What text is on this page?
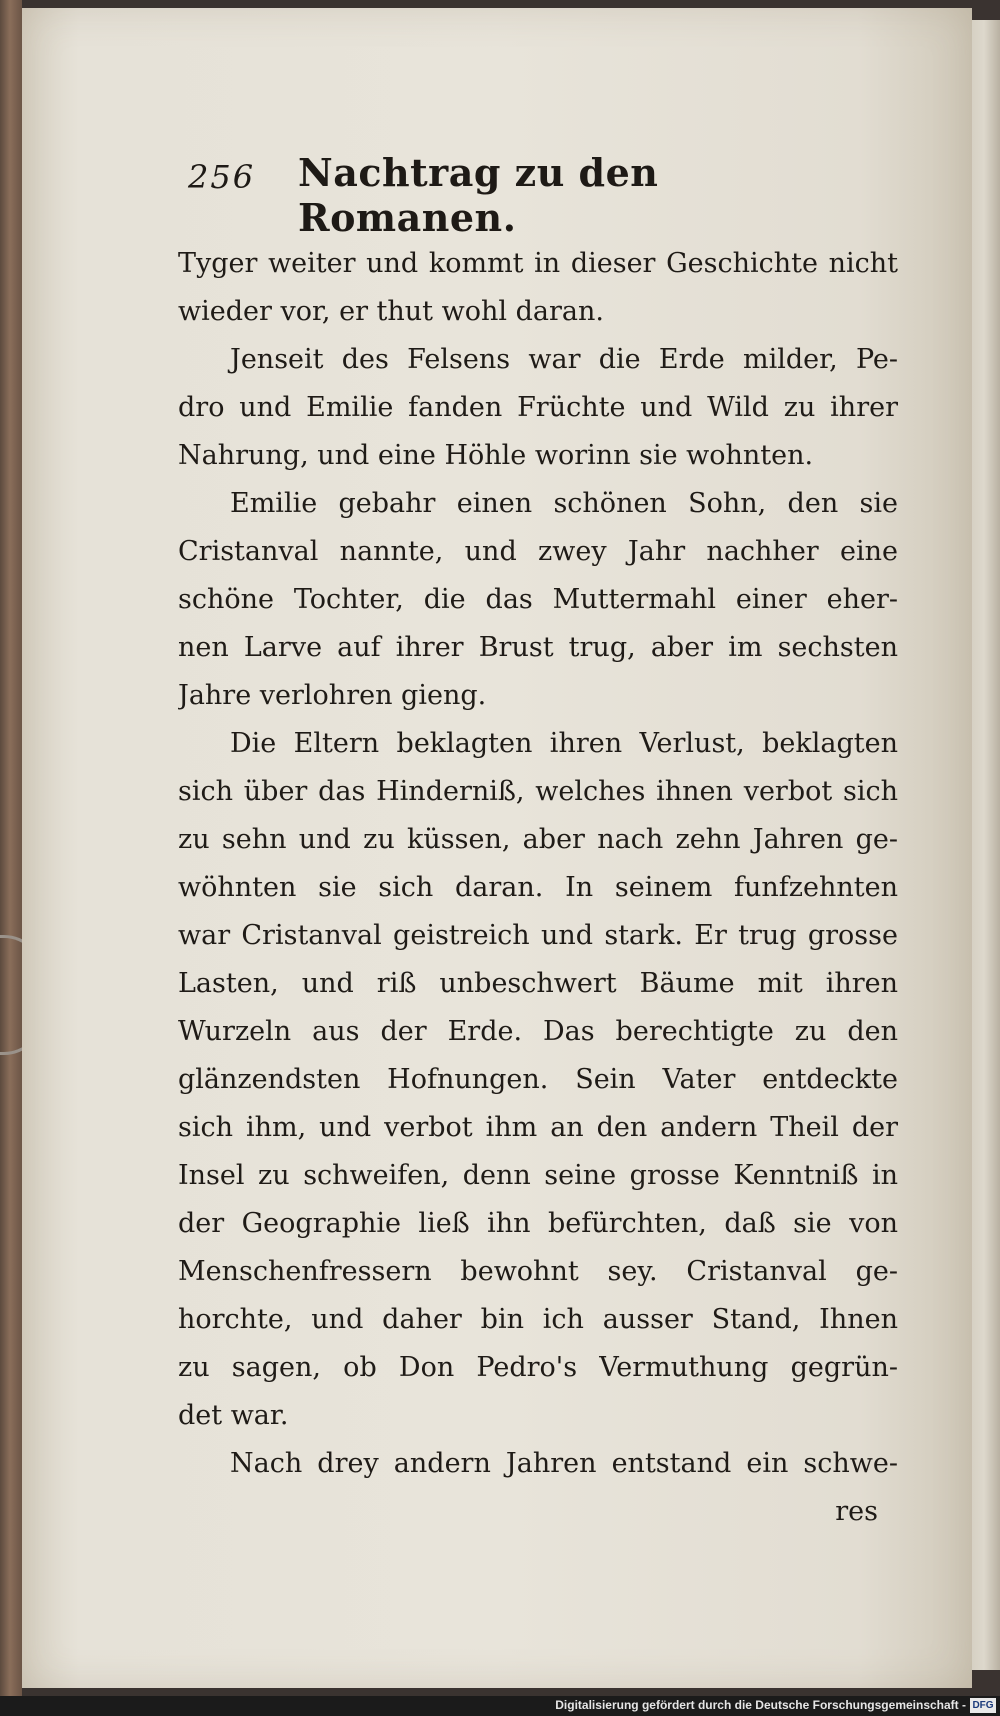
256 Nachtrag zu den Romanen.
Tyger weiter und kommt in dieser Geschichte nicht
wieder vor, er thut wohl daran.
Jenseit des Felsens war die Erde milder, Pe-
dro und Emilie fanden Früchte und Wild zu ihrer
Nahrung, und eine Höhle worinn sie wohnten.
Emilie gebahr einen schönen Sohn, den sie
Cristanval nannte, und zwey Jahr nachher eine
schöne Tochter, die das Muttermahl einer eher-
nen Larve auf ihrer Brust trug, aber im sechsten
Jahre verlohren gieng.
Die Eltern beklagten ihren Verlust, beklagten
sich über das Hinderniß, welches ihnen verbot sich
zu sehn und zu küssen, aber nach zehn Jahren ge-
wöhnten sie sich daran. In seinem funfzehnten
war Cristanval geistreich und stark. Er trug grosse
Lasten, und riß unbeschwert Bäume mit ihren
Wurzeln aus der Erde. Das berechtigte zu den
glänzendsten Hofnungen. Sein Vater entdeckte
sich ihm, und verbot ihm an den andern Theil der
Insel zu schweifen, denn seine grosse Kenntniß in
der Geographie ließ ihn befürchten, daß sie von
Menschenfressern bewohnt sey. Cristanval ge-
horchte, und daher bin ich ausser Stand, Ihnen
zu sagen, ob Don Pedro's Vermuthung gegrün-
det war.
Nach drey andern Jahren entstand ein schwe-
res
Digitalisierung gefördert durch die Deutsche Forschungsgemeinschaft - DFG
